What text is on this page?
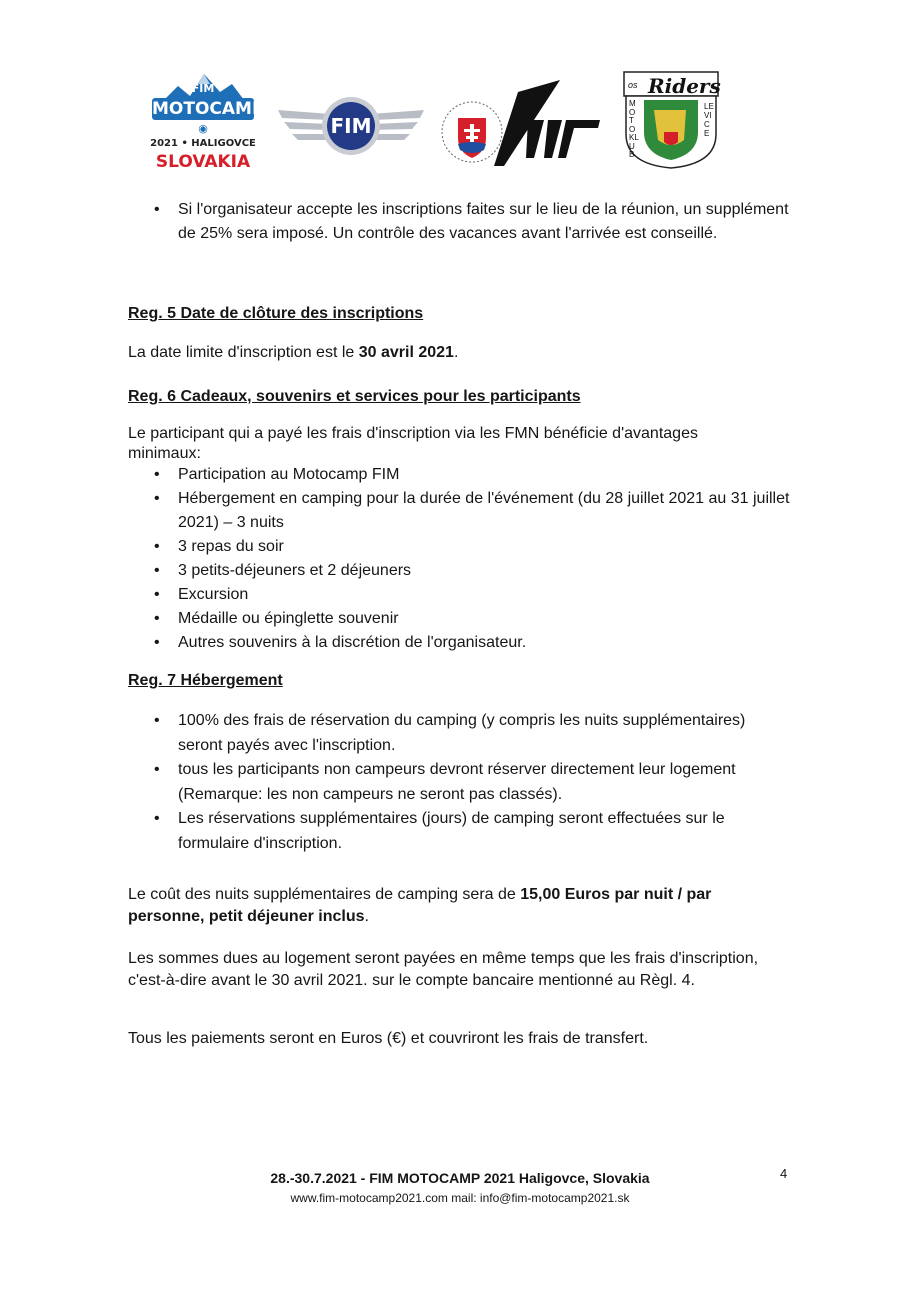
FIM
MOTOCAMP
◉
2021 • HALIGOVCE
SLOVAKIA
FIM
Riders
os
MOTOKLUB
LEVICE
• Si l'organisateur accepte les inscriptions faites sur le lieu de la réunion, un supplément de 25% sera imposé. Un contrôle des vacances avant l'arrivée est conseillé.
Reg. 5 Date de clôture des inscriptions
La date limite d'inscription est le 30 avril 2021.
Reg. 6 Cadeaux, souvenirs et services pour les participants
Le participant qui a payé les frais d'inscription via les FMN bénéficie d'avantages minimaux:
• Participation au Motocamp FIM
• Hébergement en camping pour la durée de l'événement (du 28 juillet 2021 au 31 juillet 2021) – 3 nuits
• 3 repas du soir
• 3 petits-déjeuners et 2 déjeuners
• Excursion
• Médaille ou épinglette souvenir
• Autres souvenirs à la discrétion de l'organisateur.
Reg. 7 Hébergement
• 100% des frais de réservation du camping (y compris les nuits supplémentaires) seront payés avec l'inscription.
• tous les participants non campeurs devront réserver directement leur logement (Remarque: les non campeurs ne seront pas classés).
• Les réservations supplémentaires (jours) de camping seront effectuées sur le formulaire d'inscription.
Le coût des nuits supplémentaires de camping sera de 15,00 Euros par nuit / par personne, petit déjeuner inclus.
Les sommes dues au logement seront payées en même temps que les frais d'inscription, c'est-à-dire avant le 30 avril 2021. sur le compte bancaire mentionné au Règl. 4.
Tous les paiements seront en Euros (€) et couvriront les frais de transfert.
28.-30.7.2021 - FIM MOTOCAMP 2021 Haligovce, Slovakia
www.fim-motocamp2021.com mail: info@fim-motocamp2021.sk
4
